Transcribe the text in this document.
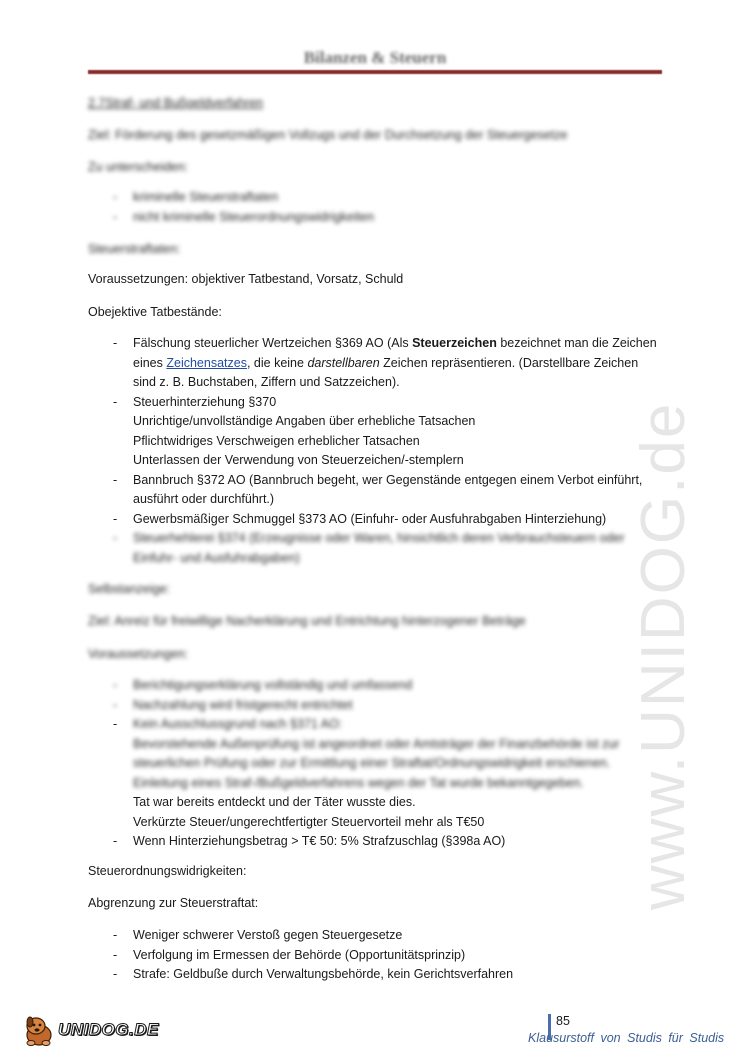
Bilanzen & Steuern
2.7Straf- und Bußgeldverfahren
Ziel: Förderung des gesetzmäßigen Vollzugs und der Durchsetzung der Steuergesetze
Zu unterscheiden:
- kriminelle Steuerstraftaten
- nicht kriminelle Steuerordnungswidrigkeiten
Steuerstraftaten:
Voraussetzungen: objektiver Tatbestand, Vorsatz, Schuld
Obejektive Tatbestände:
- Fälschung steuerlicher Wertzeichen §369 AO (Als Steuerzeichen bezeichnet man die Zeichen
eines Zeichensatzes, die keine darstellbaren Zeichen repräsentieren. (Darstellbare Zeichen
sind z. B. Buchstaben, Ziffern und Satzzeichen).
- Steuerhinterziehung §370
Unrichtige/unvollständige Angaben über erhebliche Tatsachen
Pflichtwidriges Verschweigen erheblicher Tatsachen
Unterlassen der Verwendung von Steuerzeichen/-stemplern
- Bannbruch §372 AO (Bannbruch begeht, wer Gegenstände entgegen einem Verbot einführt,
ausführt oder durchführt.)
- Gewerbsmäßiger Schmuggel §373 AO (Einfuhr- oder Ausfuhrabgaben Hinterziehung)
- Steuerhehlerei §374 (Erzeugnisse oder Waren, hinsichtlich deren Verbrauchsteuern oder
Einfuhr- und Ausfuhrabgaben)
Selbstanzeige:
Ziel: Anreiz für freiwillige Nacherklärung und Entrichtung hinterzogener Beträge
Voraussetzungen:
- Berichtigungserklärung vollständig und umfassend
- Nachzahlung wird fristgerecht entrichtet
- Kein Ausschlussgrund nach §371 AO:
Bevorstehende Außenprüfung ist angeordnet oder Amtsträger der Finanzbehörde ist zur
steuerlichen Prüfung oder zur Ermittlung einer Straftat/Ordnungswidrigkeit erschienen.
Einleitung eines Straf-/Bußgeldverfahrens wegen der Tat wurde bekanntgegeben.
Tat war bereits entdeckt und der Täter wusste dies.
Verkürzte Steuer/ungerechtfertigter Steuervorteil mehr als T€50
- Wenn Hinterziehungsbetrag > T€ 50: 5% Strafzuschlag (§398a AO)
Steuerordnungswidrigkeiten:
Abgrenzung zur Steuerstraftat:
- Weniger schwerer Verstoß gegen Steuergesetze
- Verfolgung im Ermessen der Behörde (Opportunitätsprinzip)
- Strafe: Geldbuße durch Verwaltungsbehörde, kein Gerichtsverfahren
www.UNIDOG.de
UNIDOG.DE	85
Klausurstoff von Studis für Studis
